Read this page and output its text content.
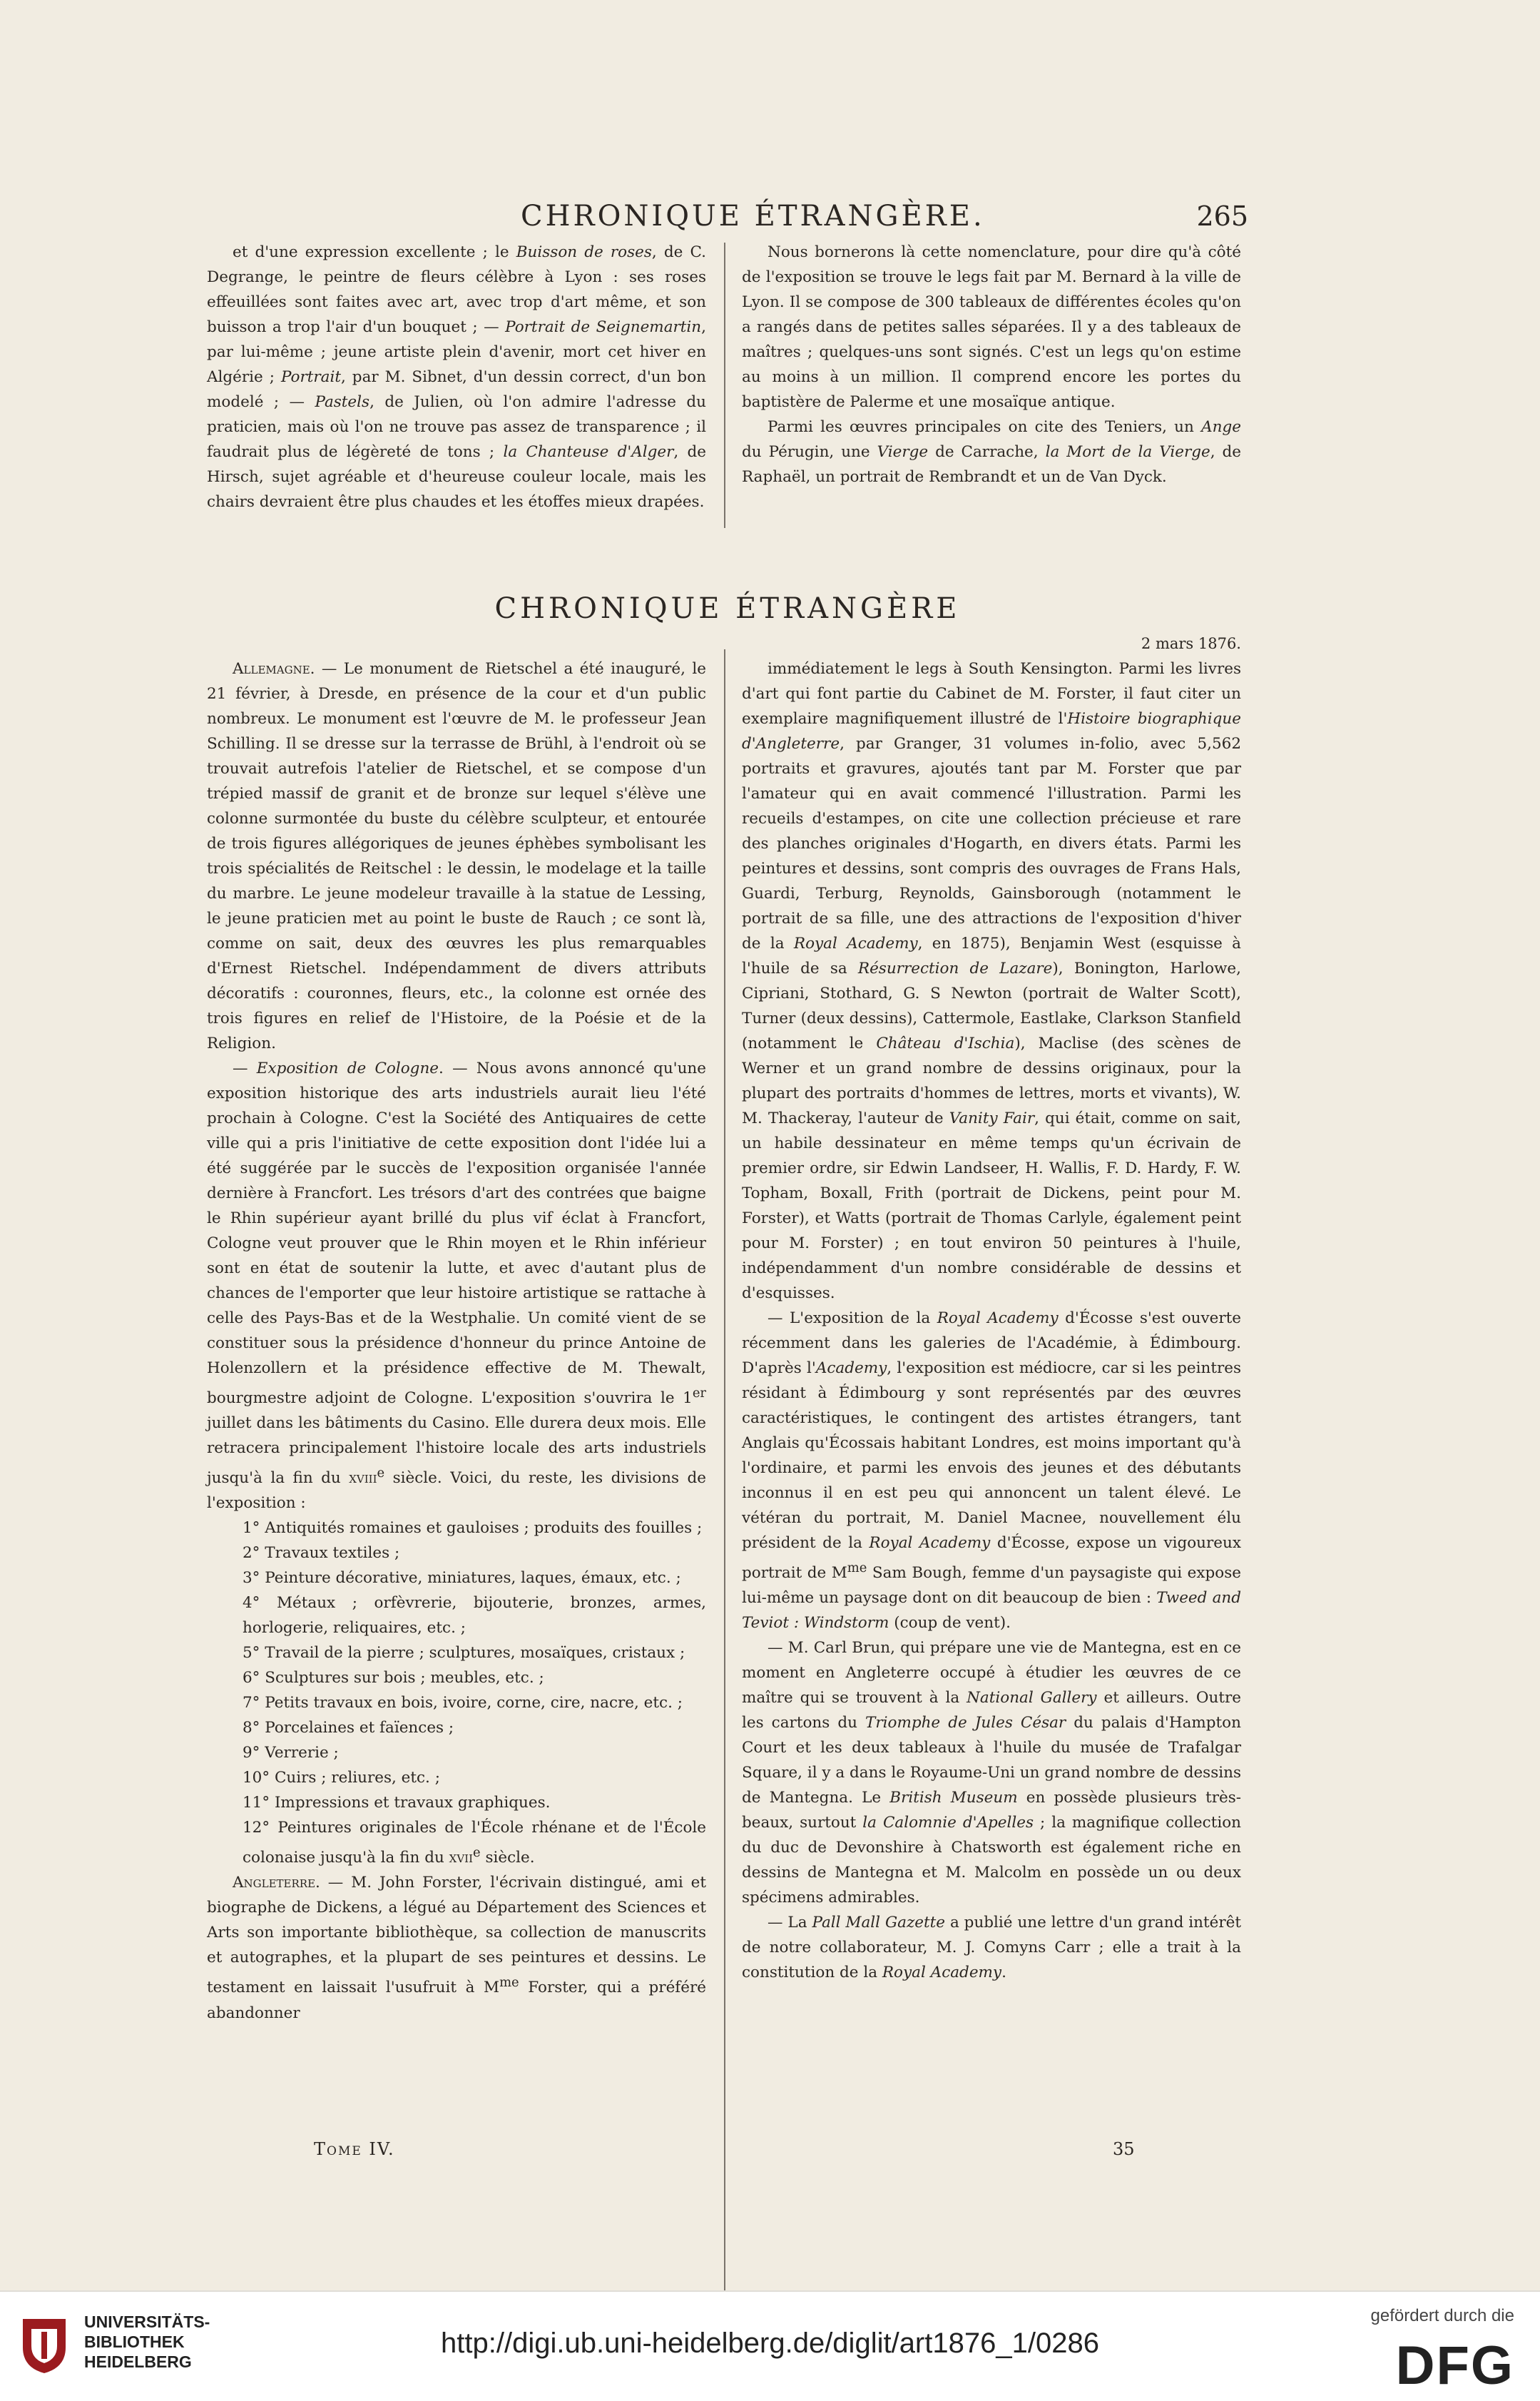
CHRONIQUE ÉTRANGÈRE.	265

et d'une expression excellente ; le Buisson de roses, de C. Degrange, le peintre de fleurs célèbre à Lyon : ses roses effeuillées sont faites avec art, avec trop d'art même, et son buisson a trop l'air d'un bouquet ; — Portrait de Seignemartin, par lui-même ; jeune artiste plein d'avenir, mort cet hiver en Algérie ; Portrait, par M. Sibnet, d'un dessin correct, d'un bon modelé ; — Pastels, de Julien, où l'on admire l'adresse du praticien, mais où l'on ne trouve pas assez de transparence ; il faudrait plus de légèreté de tons ; la Chanteuse d'Alger, de Hirsch, sujet agréable et d'heureuse couleur locale, mais les chairs devraient être plus chaudes et les étoffes mieux drapées.

Nous bornerons là cette nomenclature, pour dire qu'à côté de l'exposition se trouve le legs fait par M. Bernard à la ville de Lyon. Il se compose de 300 tableaux de différentes écoles qu'on a rangés dans de petites salles séparées. Il y a des tableaux de maîtres ; quelques-uns sont signés. C'est un legs qu'on estime au moins à un million. Il comprend encore les portes du baptistère de Palerme et une mosaïque antique.

Parmi les œuvres principales on cite des Teniers, un Ange du Pérugin, une Vierge de Carrache, la Mort de la Vierge, de Raphaël, un portrait de Rembrandt et un de Van Dyck.

CHRONIQUE ÉTRANGÈRE
2 mars 1876.

Allemagne. — Le monument de Rietschel a été inauguré, le 21 février, à Dresde, en présence de la cour et d'un public nombreux. Le monument est l'œuvre de M. le professeur Jean Schilling. Il se dresse sur la terrasse de Brühl, à l'endroit où se trouvait autrefois l'atelier de Rietschel, et se compose d'un trépied massif de granit et de bronze sur lequel s'élève une colonne surmontée du buste du célèbre sculpteur, et entourée de trois figures allégoriques de jeunes éphèbes symbolisant les trois spécialités de Reitschel : le dessin, le modelage et la taille du marbre. Le jeune modeleur travaille à la statue de Lessing, le jeune praticien met au point le buste de Rauch ; ce sont là, comme on sait, deux des œuvres les plus remarquables d'Ernest Rietschel. Indépendamment de divers attributs décoratifs : couronnes, fleurs, etc., la colonne est ornée des trois figures en relief de l'Histoire, de la Poésie et de la Religion.

— Exposition de Cologne. — Nous avons annoncé qu'une exposition historique des arts industriels aurait lieu l'été prochain à Cologne. C'est la Société des Antiquaires de cette ville qui a pris l'initiative de cette exposition dont l'idée lui a été suggérée par le succès de l'exposition organisée l'année dernière à Francfort. Les trésors d'art des contrées que baigne le Rhin supérieur ayant brillé du plus vif éclat à Francfort, Cologne veut prouver que le Rhin moyen et le Rhin inférieur sont en état de soutenir la lutte, et avec d'autant plus de chances de l'emporter que leur histoire artistique se rattache à celle des Pays-Bas et de la Westphalie. Un comité vient de se constituer sous la présidence d'honneur du prince Antoine de Holenzollern et la présidence effective de M. Thewalt, bourgmestre adjoint de Cologne. L'exposition s'ouvrira le 1er juillet dans les bâtiments du Casino. Elle durera deux mois. Elle retracera principalement l'histoire locale des arts industriels jusqu'à la fin du xviii$^e$ siècle. Voici, du reste, les divisions de l'exposition :

1° Antiquités romaines et gauloises ; produits des fouilles ;

2° Travaux textiles ;

3° Peinture décorative, miniatures, laques, émaux, etc. ;

4° Métaux ; orfèvrerie, bijouterie, bronzes, armes, horlogerie, reliquaires, etc. ;

5° Travail de la pierre ; sculptures, mosaïques, cristaux ;

6° Sculptures sur bois ; meubles, etc. ;

7° Petits travaux en bois, ivoire, corne, cire, nacre, etc. ;

8° Porcelaines et faïences ;

9° Verrerie ;

10° Cuirs ; reliures, etc. ;

11° Impressions et travaux graphiques.

12° Peintures originales de l'École rhénane et de l'École colonaise jusqu'à la fin du xvii$^e$ siècle.

Angleterre. — M. John Forster, l'écrivain distingué, ami et biographe de Dickens, a légué au Département des Sciences et Arts son importante bibliothèque, sa collection de manuscrits et autographes, et la plupart de ses peintures et dessins. Le testament en laissait l'usufruit à $M^{me}$ Forster, qui a préféré abandonner

immédiatement le legs à South Kensington. Parmi les livres d'art qui font partie du Cabinet de M. Forster, il faut citer un exemplaire magnifiquement illustré de l'Histoire biographique d'Angleterre, par Granger, 31 volumes in-folio, avec 5,562 portraits et gravures, ajoutés tant par M. Forster que par l'amateur qui en avait commencé l'illustration. Parmi les recueils d'estampes, on cite une collection précieuse et rare des planches originales d'Hogarth, en divers états. Parmi les peintures et dessins, sont compris des ouvrages de Frans Hals, Guardi, Terburg, Reynolds, Gainsborough (notamment le portrait de sa fille, une des attractions de l'exposition d'hiver de la Royal Academy, en 1875), Benjamin West (esquisse à l'huile de sa Résurrection de Lazare), Bonington, Harlowe, Cipriani, Stothard, G. S Newton (portrait de Walter Scott), Turner (deux dessins), Cattermole, Eastlake, Clarkson Stanfield (notamment le Château d'Ischia), Maclise (des scènes de Werner et un grand nombre de dessins originaux, pour la plupart des portraits d'hommes de lettres, morts et vivants), W. M. Thackeray, l'auteur de Vanity Fair, qui était, comme on sait, un habile dessinateur en même temps qu'un écrivain de premier ordre, sir Edwin Landseer, H. Wallis, F. D. Hardy, F. W. Topham, Boxall, Frith (portrait de Dickens, peint pour M. Forster), et Watts (portrait de Thomas Carlyle, également peint pour M. Forster) ; en tout environ 50 peintures à l'huile, indépendamment d'un nombre considérable de dessins et d'esquisses.

— L'exposition de la Royal Academy d'Écosse s'est ouverte récemment dans les galeries de l'Académie, à Édimbourg. D'après l'Academy, l'exposition est médiocre, car si les peintres résidant à Édimbourg y sont représentés par des œuvres caractéristiques, le contingent des artistes étrangers, tant Anglais qu'Écossais habitant Londres, est moins important qu'à l'ordinaire, et parmi les envois des jeunes et des débutants inconnus il en est peu qui annoncent un talent élevé. Le vétéran du portrait, M. Daniel Macnee, nouvellement élu président de la Royal Academy d'Écosse, expose un vigoureux portrait de $M^{me}$ Sam Bough, femme d'un paysagiste qui expose lui-même un paysage dont on dit beaucoup de bien : Tweed and Teviot : Windstorm (coup de vent).

— M. Carl Brun, qui prépare une vie de Mantegna, est en ce moment en Angleterre occupé à étudier les œuvres de ce maître qui se trouvent à la National Gallery et ailleurs. Outre les cartons du Triomphe de Jules César du palais d'Hampton Court et les deux tableaux à l'huile du musée de Trafalgar Square, il y a dans le Royaume-Uni un grand nombre de dessins de Mantegna. Le British Museum en possède plusieurs très-beaux, surtout la Calomnie d'Apelles ; la magnifique collection du duc de Devonshire à Chatsworth est également riche en dessins de Mantegna et M. Malcolm en possède un ou deux spécimens admirables.

— La Pall Mall Gazette a publié une lettre d'un grand intérêt de notre collaborateur, M. J. Comyns Carr ; elle a trait à la constitution de la Royal Academy.

Tome IV.	35
UNIVERSITÄTS-
BIBLIOTHEK
HEIDELBERG
http://digi.ub.uni-heidelberg.de/diglit/art1876_1/0286
gefördert durch die
DFG
